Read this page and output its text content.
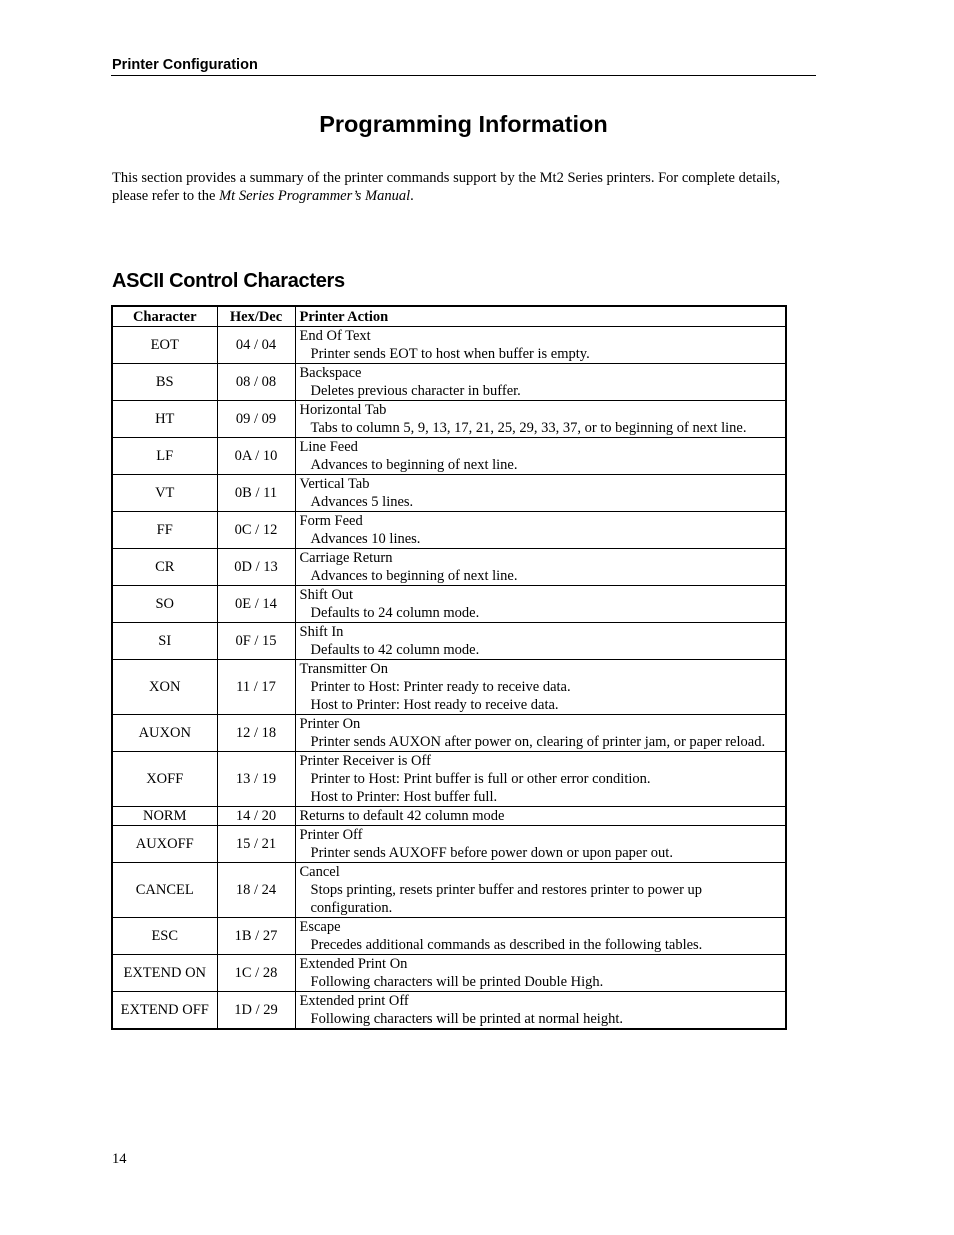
Printer Configuration
Programming Information

This section provides a summary of the printer commands support by the Mt2 Series printers. For complete details, please refer to the Mt Series Programmer’s Manual.

ASCII Control Characters
Character	Hex/Dec	Printer Action
EOT	04 / 04	End Of Text
Printer sends EOT to host when buffer is empty.

BS	08 / 08	Backspace
Deletes previous character in buffer.

HT	09 / 09	Horizontal Tab
Tabs to column 5, 9, 13, 17, 21, 25, 29, 33, 37, or to beginning of next line.

LF	0A / 10	Line Feed
Advances to beginning of next line.

VT	0B / 11	Vertical Tab
Advances 5 lines.

FF	0C / 12	Form Feed
Advances 10 lines.

CR	0D / 13	Carriage Return
Advances to beginning of next line.

SO	0E / 14	Shift Out
Defaults to 24 column mode.

SI	0F / 15	Shift In
Defaults to 42 column mode.

XON	11 / 17	Transmitter On
Printer to Host: Printer ready to receive data.
Host to Printer: Host ready to receive data.

AUXON	12 / 18	Printer On
Printer sends AUXON after power on, clearing of printer jam, or paper reload.

XOFF	13 / 19	Printer Receiver is Off
Printer to Host: Print buffer is full or other error condition.
Host to Printer: Host buffer full.

NORM	14 / 20	Returns to default 42 column mode

AUXOFF	15 / 21	Printer Off
Printer sends AUXOFF before power down or upon paper out.

CANCEL	18 / 24	Cancel
Stops printing, resets printer buffer and restores printer to power up configuration.

ESC	1B / 27	Escape
Precedes additional commands as described in the following tables.

EXTEND ON	1C / 28	Extended Print On
Following characters will be printed Double High.

EXTEND OFF	1D / 29	Extended print Off
Following characters will be printed at normal height.
14
